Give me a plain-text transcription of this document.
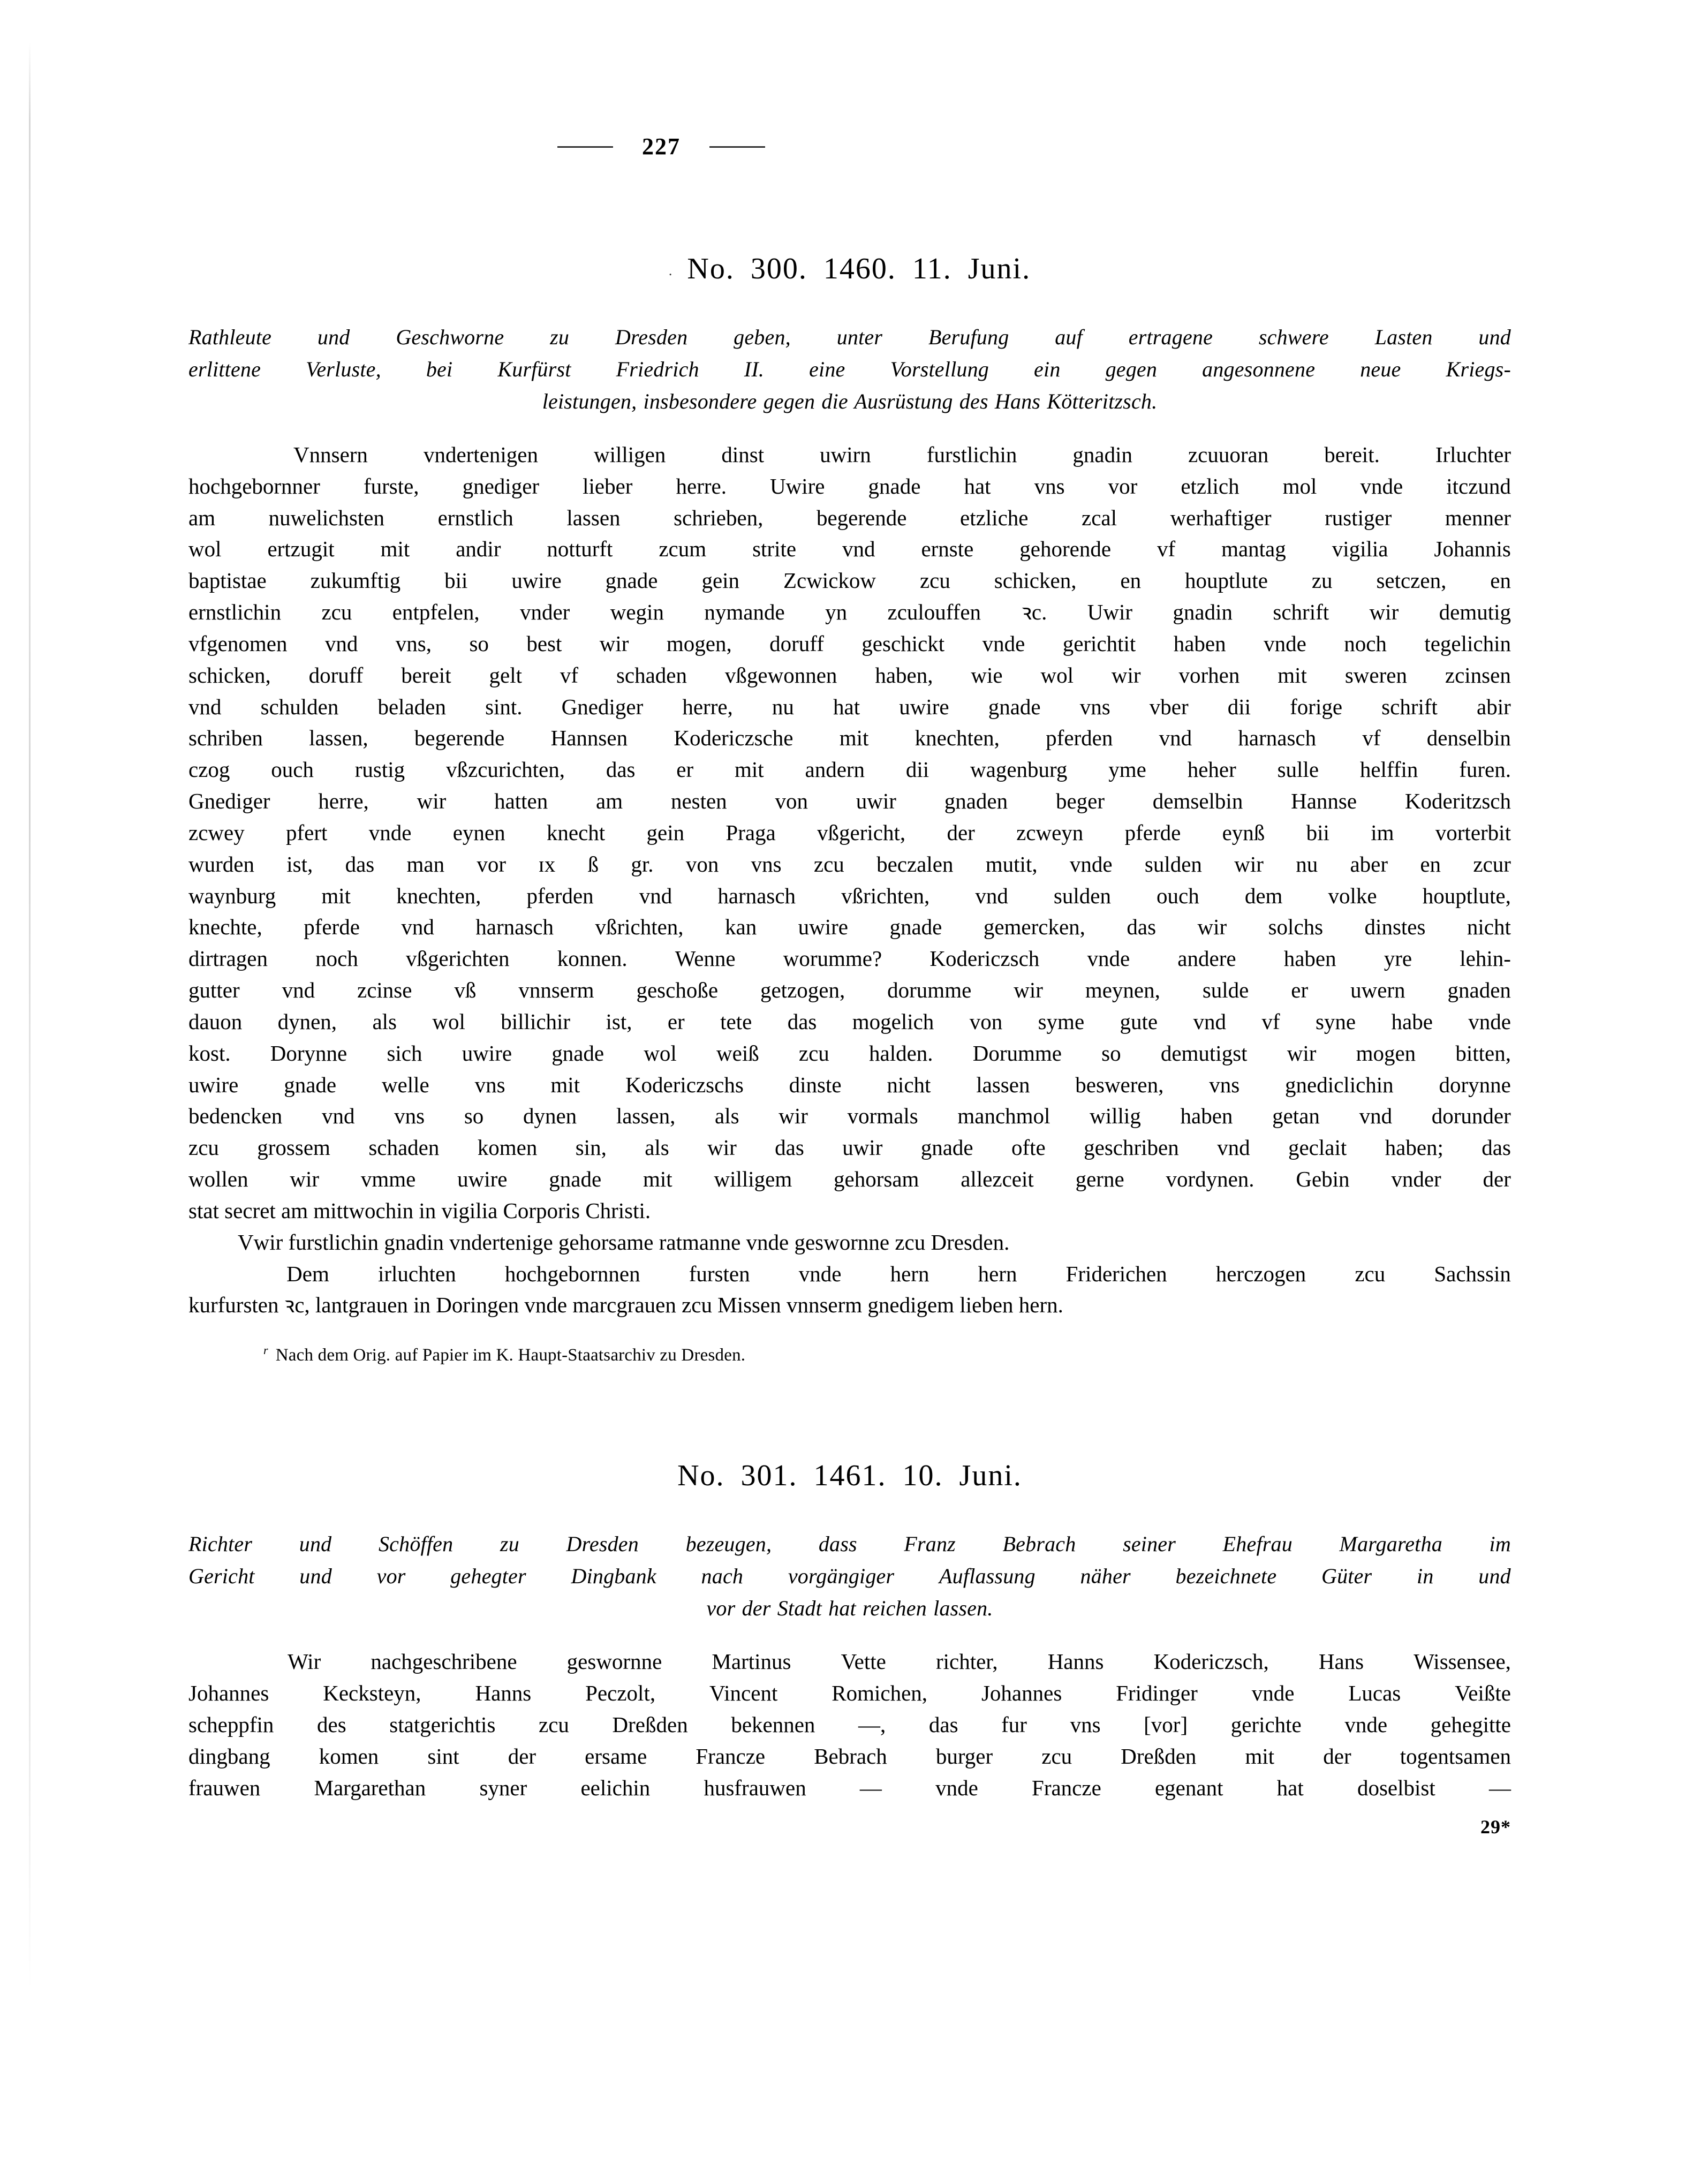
227
. No. 300. 1460. 11. Juni.
Rathleute und Geschworne zu Dresden geben, unter Berufung auf ertragene schwere Lasten und
erlittene Verluste, bei Kurfürst Friedrich II. eine Vorstellung ein gegen angesonnene neue Kriegs-
leistungen, insbesondere gegen die Ausrüstung des Hans Kötteritzsch.
Vnnsern	vndertenigen	willigen	dinst	uwirn	furstlichin	gnadin	zcuuoran	bereit.	Irluchter
hochgebornner furste, gnediger lieber herre. Uwire gnade hat vns vor etzlich mol vnde itczund
am nuwelichsten ernstlich lassen schrieben, begerende etzliche zcal werhaftiger rustiger menner
wol ertzugit mit andir notturft zcum strite vnd ernste gehorende vf mantag vigilia Johannis
baptistae zukumftig bii uwire gnade gein Zcwickow zcu schicken, en houptlute zu setczen, en
ernstlichin zcu entpfelen, vnder wegin nymande yn zculouffen ꝛc. Uwir gnadin schrift wir demutig
vfgenomen vnd vns, so best wir mogen, doruff geschickt vnde gerichtit haben vnde noch tegelichin
schicken, doruff bereit gelt vf schaden vßgewonnen haben, wie wol wir vorhen mit sweren zcinsen
vnd schulden beladen sint. Gnediger herre, nu hat uwire gnade vns vber dii forige schrift abir
schriben lassen, begerende Hannsen Kodericzsche mit knechten, pferden vnd harnasch vf denselbin
czog ouch rustig vßzcurichten, das er mit andern dii wagenburg yme heher sulle helffin furen.
Gnediger herre, wir hatten am nesten von uwir gnaden beger demselbin Hannse Koderitzsch
zcwey pfert vnde eynen knecht gein Praga vßgericht, der zcweyn pferde eynß bii im vorterbit
wurden ist, das man vor ɪx ß gr. von vns zcu beczalen mutit, vnde sulden wir nu aber en zcur
waynburg mit knechten, pferden vnd harnasch vßrichten, vnd sulden ouch dem volke houptlute,
knechte, pferde vnd harnasch vßrichten, kan uwire gnade gemercken, das wir solchs dinstes nicht
dirtragen noch vßgerichten konnen. Wenne worumme? Kodericzsch vnde andere haben yre lehin-
gutter vnd zcinse vß vnnserm geschoße getzogen, dorumme wir meynen, sulde er uwern gnaden
dauon dynen, als wol billichir ist, er tete das mogelich von syme gute vnd vf syne habe vnde
kost. Dorynne sich uwire gnade wol weiß zcu halden. Dorumme so demutigst wir mogen bitten,
uwire gnade welle vns mit Kodericzschs dinste nicht lassen besweren, vns gnediclichin dorynne
bedencken vnd vns so dynen lassen, als wir vormals manchmol willig haben getan vnd dorunder
zcu grossem schaden komen sin, als wir das uwir gnade ofte geschriben vnd geclait haben; das
wollen wir vmme uwire gnade mit willigem gehorsam allezceit gerne vordynen. Gebin vnder der
stat secret am mittwochin in vigilia Corporis Christi.
Vwir furstlichin gnadin vndertenige gehorsame ratmanne vnde geswornne zcu Dresden.
Dem irluchten hochgebornnen fursten vnde hern hern Friderichen herczogen zcu Sachssin
kurfursten ꝛc, lantgrauen in Doringen vnde marcgrauen zcu Missen vnnserm gnedigem lieben hern.
$^r$ Nach dem Orig. auf Papier im K. Haupt-Staatsarchiv zu Dresden.
No. 301. 1461. 10. Juni.
Richter und Schöffen zu Dresden bezeugen, dass Franz Bebrach seiner Ehefrau Margaretha im
Gericht und vor gehegter Dingbank nach vorgängiger Auflassung näher bezeichnete Güter in und
vor der Stadt hat reichen lassen.
Wir nachgeschribene geswornne Martinus Vette richter, Hanns Kodericzsch, Hans Wissensee,
Johannes Kecksteyn, Hanns Peczolt, Vincent Romichen, Johannes Fridinger vnde Lucas Veißte
scheppfin des statgerichtis zcu Dreßden bekennen —, das fur vns [vor] gerichte vnde gehegitte
dingbang komen sint der ersame Francze Bebrach burger zcu Dreßden mit der togentsamen
frauwen Margarethan syner eelichin husfrauwen — vnde Francze egenant hat doselbist —
29*
